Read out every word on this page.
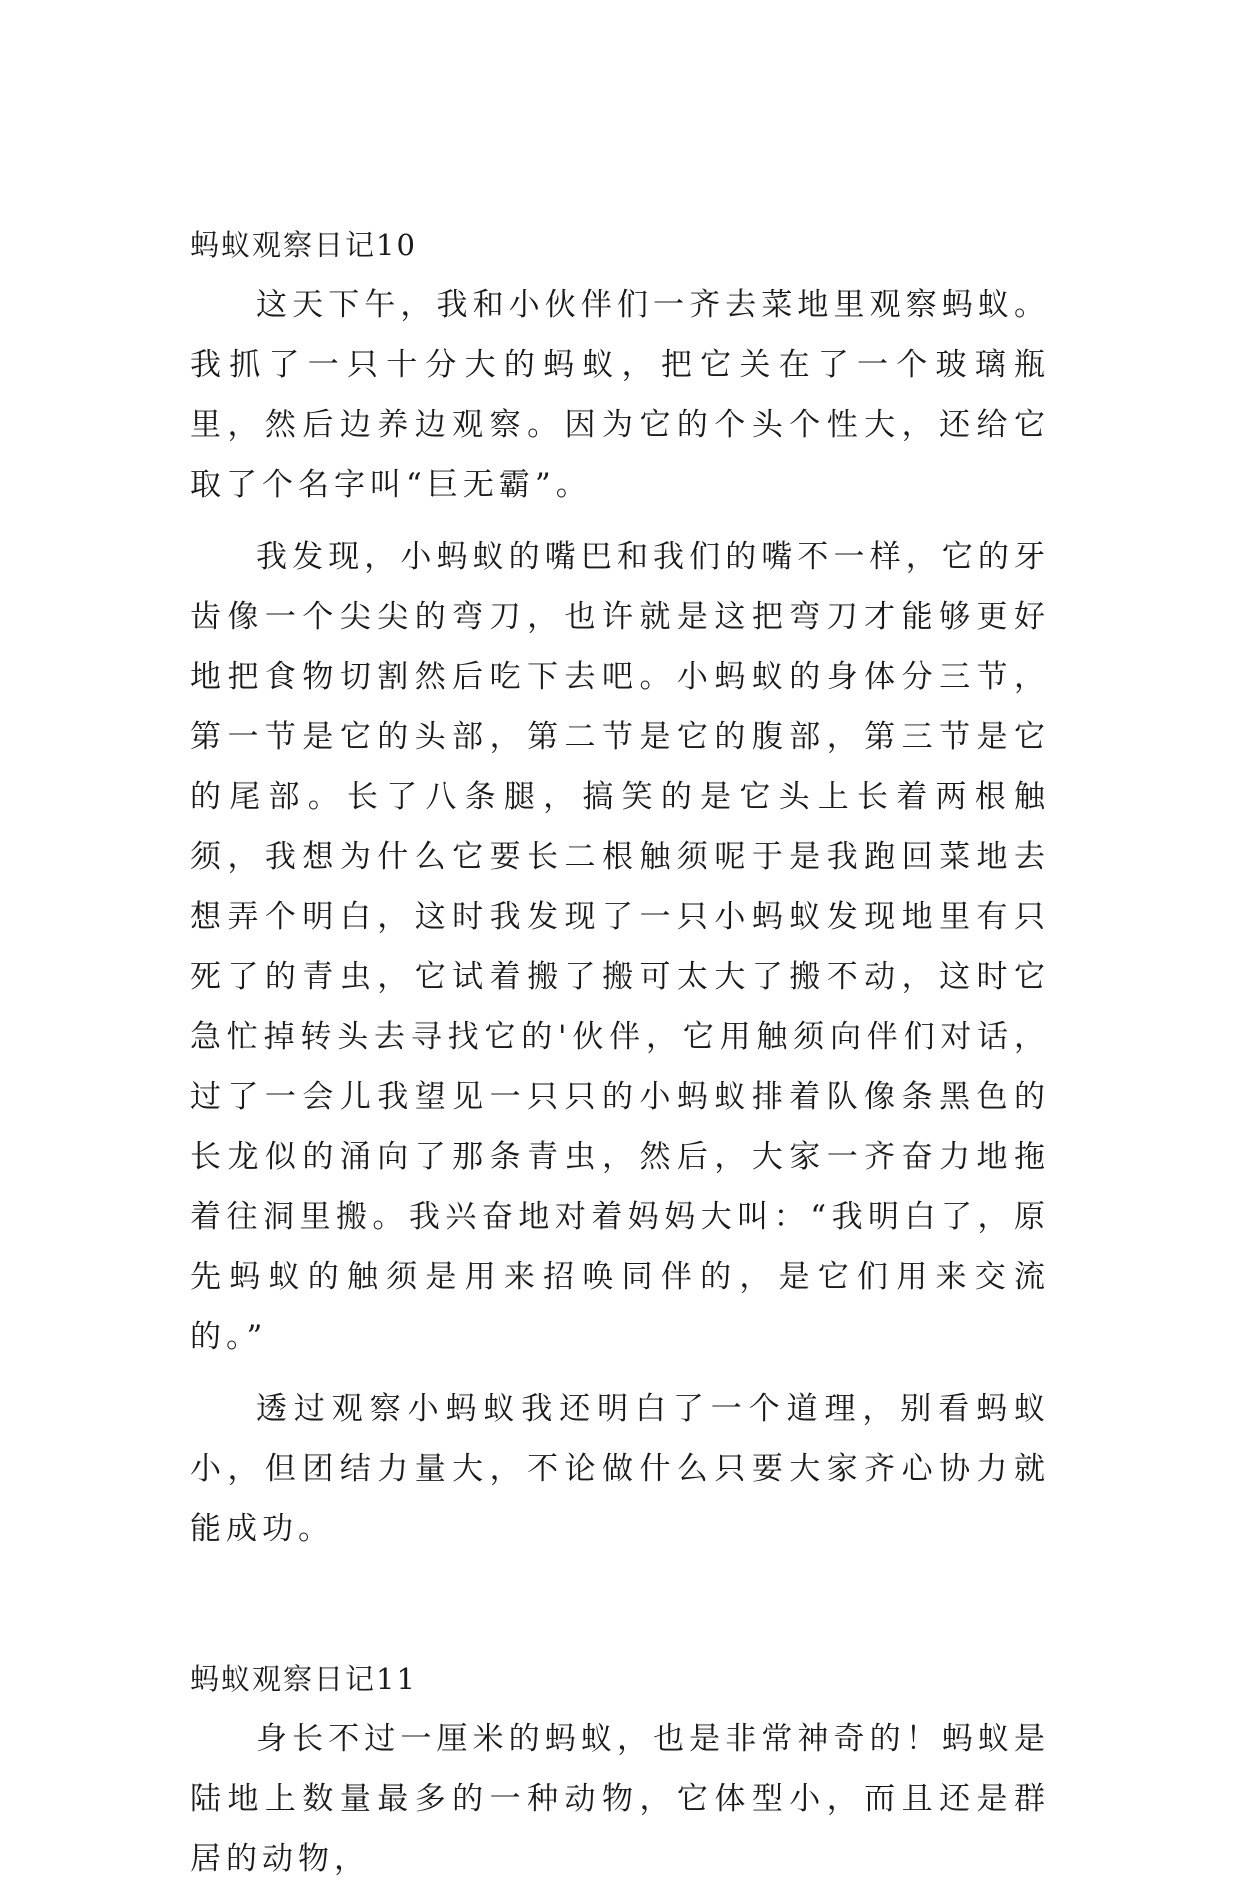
蚂蚁观察日记10

这天下午，我和小伙伴们一齐去菜地里观察蚂蚁。我抓了一只十分大的蚂蚁，把它关在了一个玻璃瓶里，然后边养边观察。因为它的个头个性大，还给它取了个名字叫“巨无霸”。

我发现，小蚂蚁的嘴巴和我们的嘴不一样，它的牙齿像一个尖尖的弯刀，也许就是这把弯刀才能够更好地把食物切割然后吃下去吧。小蚂蚁的身体分三节，第一节是它的头部，第二节是它的腹部，第三节是它的尾部。长了八条腿，搞笑的是它头上长着两根触须，我想为什么它要长二根触须呢于是我跑回菜地去想弄个明白，这时我发现了一只小蚂蚁发现地里有只死了的青虫，它试着搬了搬可太大了搬不动，这时它急忙掉转头去寻找它的'伙伴，它用触须向伴们对话，过了一会儿我望见一只只的小蚂蚁排着队像条黑色的长龙似的涌向了那条青虫，然后，大家一齐奋力地拖着往洞里搬。我兴奋地对着妈妈大叫：“我明白了，原先蚂蚁的触须是用来招唤同伴的，是它们用来交流的。”

透过观察小蚂蚁我还明白了一个道理，别看蚂蚁小，但团结力量大，不论做什么只要大家齐心协力就能成功。

蚂蚁观察日记11

身长不过一厘米的蚂蚁，也是非常神奇的！蚂蚁是陆地上数量最多的一种动物，它体型小，而且还是群居的动物，
